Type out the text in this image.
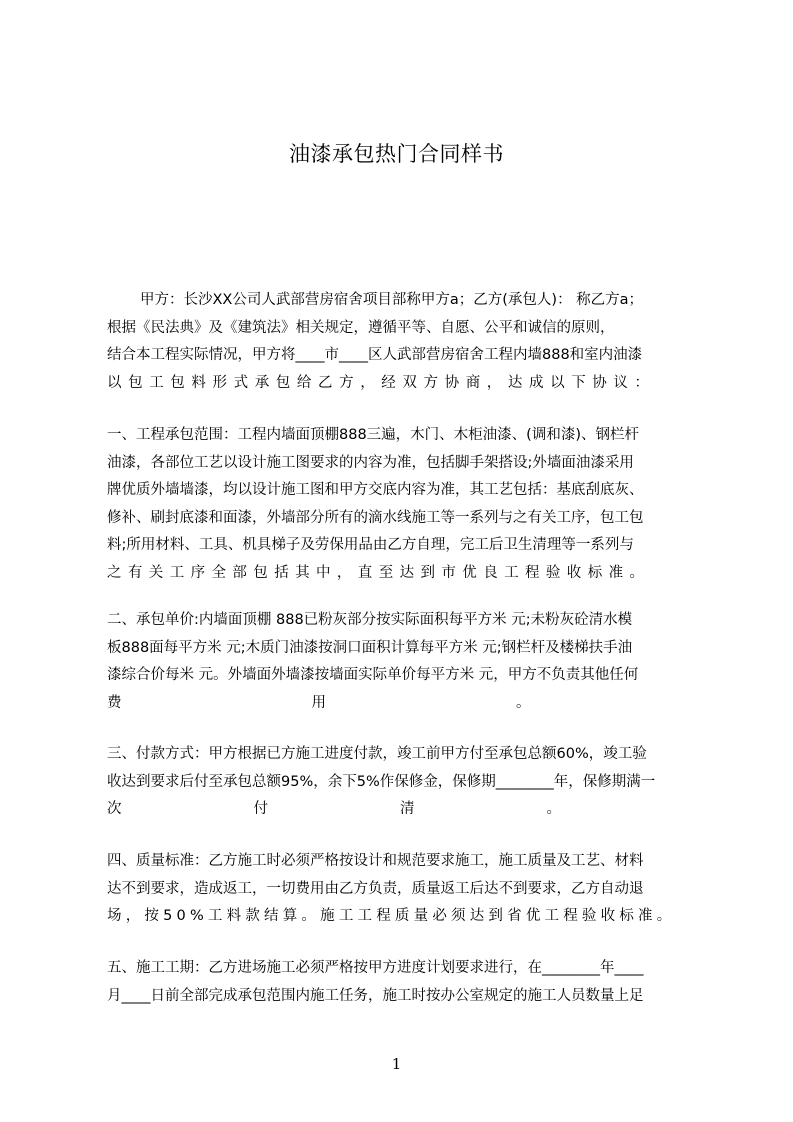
油漆承包热门合同样书
甲方：长沙XX公司人武部营房宿舍项目部称甲方a；乙方(承包人)： 称乙方a；
根据《民法典》及《建筑法》相关规定，遵循平等、自愿、公平和诚信的原则，
结合本工程实际情况，甲方将____市____区人武部营房宿舍工程内墙888和室内油漆
以包工包料形式承包给乙方，经双方协商，达成以下协议：
一、工程承包范围：工程内墙面顶棚888三遍，木门、木柜油漆、(调和漆)、钢栏杆
油漆，各部位工艺以设计施工图要求的内容为准，包括脚手架搭设;外墙面油漆采用
牌优质外墙墙漆，均以设计施工图和甲方交底内容为准，其工艺包括：基底刮底灰、
修补、刷封底漆和面漆，外墙部分所有的滴水线施工等一系列与之有关工序，包工包
料;所用材料、工具、机具梯子及劳保用品由乙方自理，完工后卫生清理等一系列与
之有关工序全部包括其中，直至达到市优良工程验收标准。
二、承包单价:内墙面顶棚 888已粉灰部分按实际面积每平方米 元;未粉灰砼清水模
板888面每平方米 元;木质门油漆按洞口面积计算每平方米 元;钢栏杆及楼梯扶手油
漆综合价每米 元。外墙面外墙漆按墙面实际单价每平方米 元，甲方不负责其他任何
费用。
三、付款方式：甲方根据已方施工进度付款，竣工前甲方付至承包总额60%，竣工验
收达到要求后付至承包总额95%，余下5%作保修金，保修期________年，保修期满一
次付清。
四、质量标准：乙方施工时必须严格按设计和规范要求施工，施工质量及工艺、材料
达不到要求，造成返工，一切费用由乙方负责，质量返工后达不到要求，乙方自动退
场，按50%工料款结算。施工工程质量必须达到省优工程验收标准。
五、施工工期：乙方进场施工必须严格按甲方进度计划要求进行，在________年____
月____日前全部完成承包范围内施工任务，施工时按办公室规定的施工人员数量上足
1
